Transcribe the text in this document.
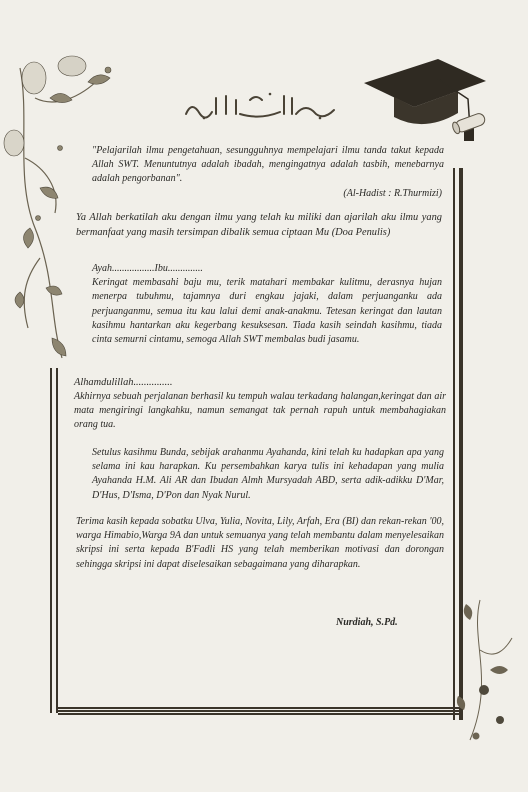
"Pelajarilah ilmu pengetahuan, sesungguhnya mempelajari ilmu tanda takut kepada Allah SWT. Menuntutnya adalah ibadah, mengingatnya adalah tasbih, menebarnya adalah pengorbanan".

(Al-Hadist : R.Thurmizi)

Ya Allah berkatilah aku dengan ilmu yang telah ku miliki dan ajarilah aku ilmu yang bermanfaat yang masih tersimpan dibalik semua ciptaan Mu (Doa Penulis)

Ayah.................Ibu..............
Keringat membasahi baju mu, terik matahari membakar kulitmu, derasnya hujan menerpa tubuhmu, tajamnya duri engkau jajaki, dalam perjuanganku ada perjuanganmu, semua itu kau lalui demi anak-anakmu. Tetesan keringat dan lautan kasihmu hantarkan aku kegerbang kesuksesan. Tiada kasih seindah kasihmu, tiada cinta semurni cintamu, semoga Allah SWT membalas budi jasamu.

Alhamdulillah...............

Akhirnya sebuah perjalanan berhasil ku tempuh walau terkadang halangan,keringat dan air mata mengiringi langkahku, namun semangat tak pernah rapuh untuk membahagiakan orang tua.

Setulus kasihmu Bunda, sebijak arahanmu Ayahanda, kini telah ku hadapkan apa yang selama ini kau harapkan. Ku persembahkan karya tulis ini kehadapan yang mulia Ayahanda H.M. Ali AR dan Ibudan Almh Mursyadah ABD, serta adik-adikku D'Mar, D'Hus, D'Isma, D'Pon dan Nyak Nurul.

Terima kasih kepada sobatku Ulva, Yulia, Novita, Lily, Arfah, Era (BI) dan rekan-rekan '00, warga Himabio,Warga 9A dan untuk semuanya yang telah membantu dalam menyelesaikan skripsi ini serta kepada B'Fadli HS yang telah memberikan motivasi dan dorongan sehingga skripsi ini dapat diselesaikan sebagaimana yang diharapkan.

Nurdiah, S.Pd.
